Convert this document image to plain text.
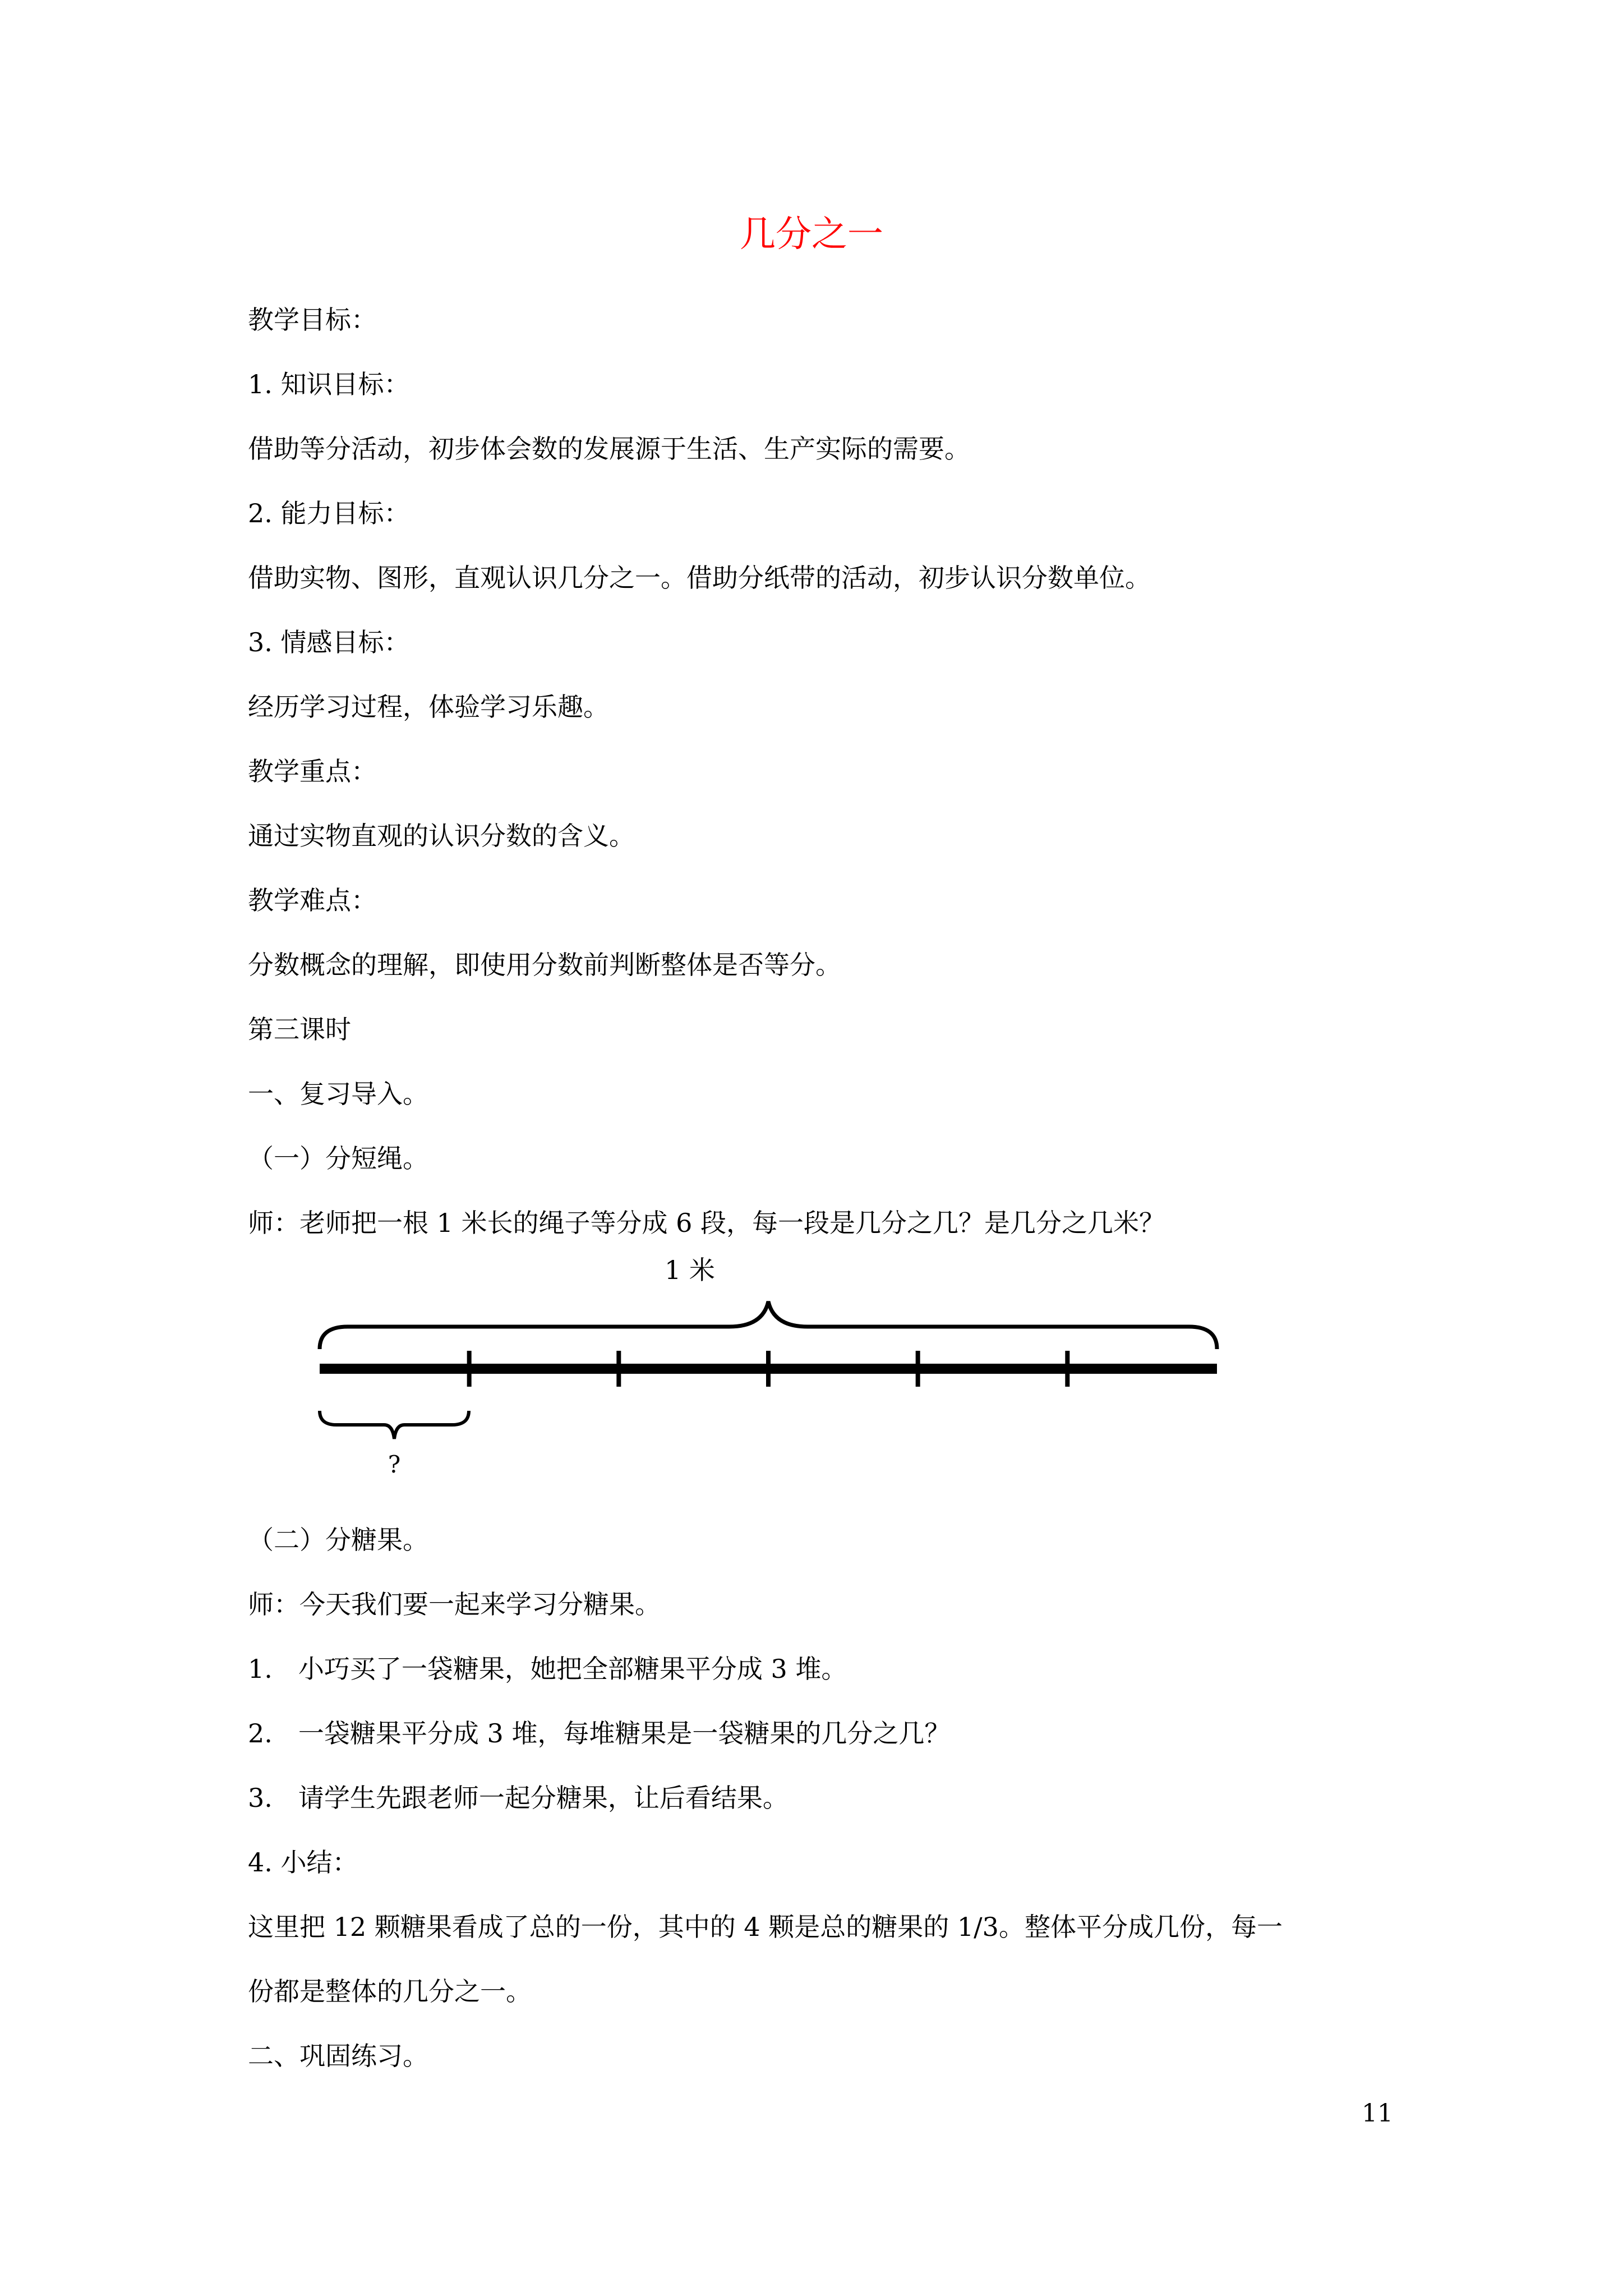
几分之一
教学目标：
1. 知识目标：
借助等分活动，初步体会数的发展源于生活、生产实际的需要。
2. 能力目标：
借助实物、图形，直观认识几分之一。借助分纸带的活动，初步认识分数单位。
3. 情感目标：
经历学习过程，体验学习乐趣。
教学重点：
通过实物直观的认识分数的含义。
教学难点：
分数概念的理解，即使用分数前判断整体是否等分。
第三课时
一、复习导入。
（一）分短绳。
师：老师把一根 1 米长的绳子等分成 6 段，每一段是几分之几？是几分之几米？
1 米
?
（二）分糖果。
师：今天我们要一起来学习分糖果。
1.　小巧买了一袋糖果，她把全部糖果平分成 3 堆。
2.　一袋糖果平分成 3 堆，每堆糖果是一袋糖果的几分之几？
3.　请学生先跟老师一起分糖果，让后看结果。
4. 小结：
这里把 12 颗糖果看成了总的一份，其中的 4 颗是总的糖果的 1/3。整体平分成几份，每一
份都是整体的几分之一。
二、巩固练习。
11
